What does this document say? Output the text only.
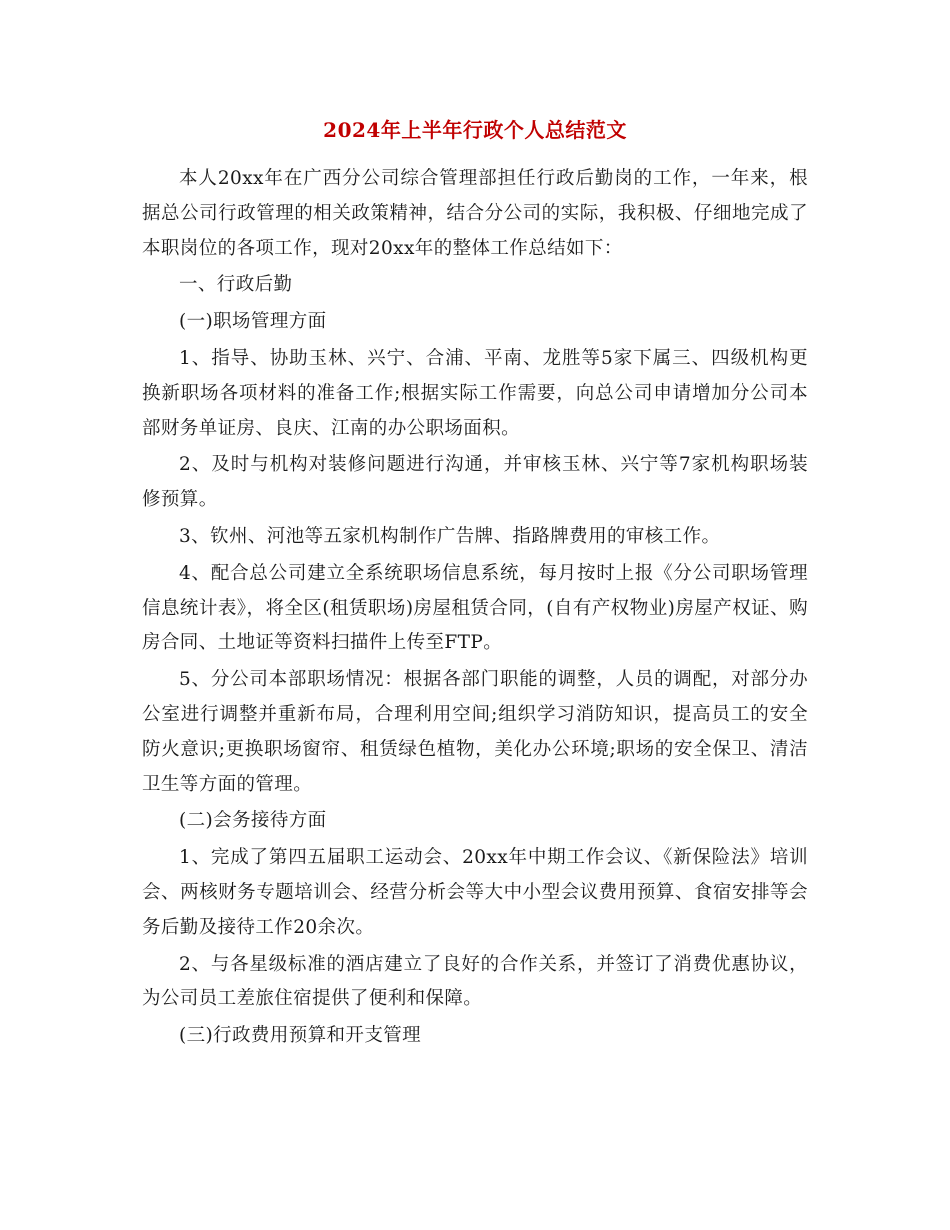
2024年上半年行政个人总结范文

本人20xx年在广西分公司综合管理部担任行政后勤岗的工作，一年来，根据总公司行政管理的相关政策精神，结合分公司的实际，我积极、仔细地完成了本职岗位的各项工作，现对20xx年的整体工作总结如下：

一、行政后勤

(一)职场管理方面

1、指导、协助玉林、兴宁、合浦、平南、龙胜等5家下属三、四级机构更换新职场各项材料的准备工作;根据实际工作需要，向总公司申请增加分公司本部财务单证房、良庆、江南的办公职场面积。

2、及时与机构对装修问题进行沟通，并审核玉林、兴宁等7家机构职场装修预算。

3、钦州、河池等五家机构制作广告牌、指路牌费用的审核工作。

4、配合总公司建立全系统职场信息系统，每月按时上报《分公司职场管理信息统计表》，将全区(租赁职场)房屋租赁合同，(自有产权物业)房屋产权证、购房合同、土地证等资料扫描件上传至FTP。

5、分公司本部职场情况：根据各部门职能的调整，人员的调配，对部分办公室进行调整并重新布局，合理利用空间;组织学习消防知识，提高员工的安全防火意识;更换职场窗帘、租赁绿色植物，美化办公环境;职场的安全保卫、清洁卫生等方面的管理。

(二)会务接待方面

1、完成了第四五届职工运动会、20xx年中期工作会议、《新保险法》培训会、两核财务专题培训会、经营分析会等大中小型会议费用预算、食宿安排等会务后勤及接待工作20余次。

2、与各星级标准的酒店建立了良好的合作关系，并签订了消费优惠协议，为公司员工差旅住宿提供了便利和保障。

(三)行政费用预算和开支管理
